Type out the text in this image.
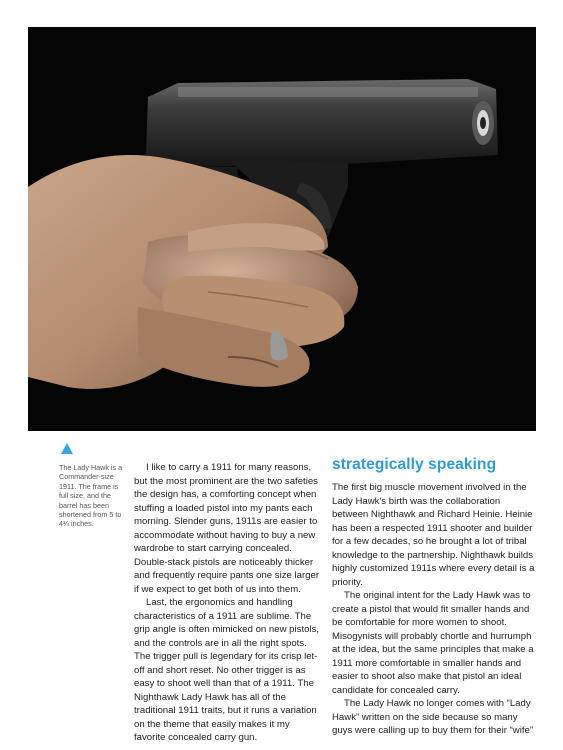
The Lady Hawk is a Commander-size 1911. The frame is full size, and the barrel has been shortened from 5 to 4¼ inches.

I like to carry a 1911 for many reasons, but the most prominent are the two safeties the design has, a comforting concept when stuffing a loaded pistol into my pants each morning. Slender guns, 1911s are easier to accommodate without having to buy a new wardrobe to start carrying concealed. Double-stack pistols are noticeably thicker and frequently require pants one size larger if we expect to get both of us into them.

Last, the ergonomics and handling characteristics of a 1911 are sublime. The grip angle is often mimicked on new pistols, and the controls are in all the right spots. The trigger pull is legendary for its crisp let-off and short reset. No other trigger is as easy to shoot well than that of a 1911. The Nighthawk Lady Hawk has all of the traditional 1911 traits, but it runs a variation on the theme that easily makes it my favorite concealed carry gun.

strategically speaking

The first big muscle movement involved in the Lady Hawk's birth was the collaboration between Nighthawk and Richard Heinie. Heinie has been a respected 1911 shooter and builder for a few decades, so he brought a lot of tribal knowledge to the partnership. Nighthawk builds highly customized 1911s where every detail is a priority.

The original intent for the Lady Hawk was to create a pistol that would fit smaller hands and be comfortable for more women to shoot. Misogynists will probably chortle and hurrumph at the idea, but the same principles that make a 1911 more comfortable in smaller hands and easier to shoot also make that pistol an ideal candidate for concealed carry.

The Lady Hawk no longer comes with “Lady Hawk” written on the side because so many guys were calling up to buy them for their “wife”
